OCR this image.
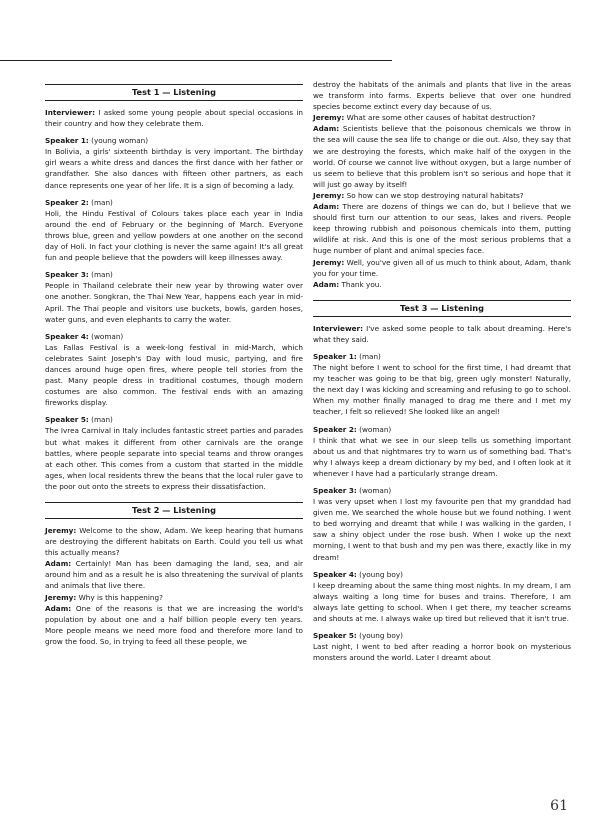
Test 1 — Listening

Interviewer: I asked some young people about special occasions in their country and how they celebrate them.

Speaker 1: (young woman)
In Bolivia, a girls' sixteenth birthday is very important. The birthday girl wears a white dress and dances the first dance with her father or grandfather. She also dances with fifteen other partners, as each dance represents one year of her life. It is a sign of becoming a lady.

Speaker 2: (man)
Holi, the Hindu Festival of Colours takes place each year in India around the end of February or the beginning of March. Everyone throws blue, green and yellow powders at one another on the second day of Holi. In fact your clothing is never the same again! It's all great fun and people believe that the powders will keep illnesses away.

Speaker 3: (man)
People in Thailand celebrate their new year by throwing water over one another. Songkran, the Thai New Year, happens each year in mid-April. The Thai people and visitors use buckets, bowls, garden hoses, water guns, and even elephants to carry the water.

Speaker 4: (woman)
Las Fallas Festival is a week-long festival in mid-March, which celebrates Saint Joseph's Day with loud music, partying, and fire dances around huge open fires, where people tell stories from the past. Many people dress in traditional costumes, though modern costumes are also common. The festival ends with an amazing fireworks display.

Speaker 5: (man)
The Ivrea Carnival in Italy includes fantastic street parties and parades but what makes it different from other carnivals are the orange battles, where people separate into special teams and throw oranges at each other. This comes from a custom that started in the middle ages, when local residents threw the beans that the local ruler gave to the poor out onto the streets to express their dissatisfaction.

Test 2 — Listening

Jeremy: Welcome to the show, Adam. We keep hearing that humans are destroying the different habitats on Earth. Could you tell us what this actually means?

Adam: Certainly! Man has been damaging the land, sea, and air around him and as a result he is also threatening the survival of plants and animals that live there.

Jeremy: Why is this happening?

Adam: One of the reasons is that we are increasing the world's population by about one and a half billion people every ten years. More people means we need more food and therefore more land to grow the food. So, in trying to feed all these people, we

destroy the habitats of the animals and plants that live in the areas we transform into farms. Experts believe that over one hundred species become extinct every day because of us.

Jeremy: What are some other causes of habitat destruction?

Adam: Scientists believe that the poisonous chemicals we throw in the sea will cause the sea life to change or die out. Also, they say that we are destroying the forests, which make half of the oxygen in the world. Of course we cannot live without oxygen, but a large number of us seem to believe that this problem isn't so serious and hope that it will just go away by itself!

Jeremy: So how can we stop destroying natural habitats?

Adam: There are dozens of things we can do, but I believe that we should first turn our attention to our seas, lakes and rivers. People keep throwing rubbish and poisonous chemicals into them, putting wildlife at risk. And this is one of the most serious problems that a huge number of plant and animal species face.

Jeremy: Well, you've given all of us much to think about, Adam, thank you for your time.

Adam: Thank you.

Test 3 — Listening

Interviewer: I've asked some people to talk about dreaming. Here's what they said.

Speaker 1: (man)
The night before I went to school for the first time, I had dreamt that my teacher was going to be that big, green ugly monster! Naturally, the next day I was kicking and screaming and refusing to go to school. When my mother finally managed to drag me there and I met my teacher, I felt so relieved! She looked like an angel!

Speaker 2: (woman)
I think that what we see in our sleep tells us something important about us and that nightmares try to warn us of something bad. That's why I always keep a dream dictionary by my bed, and I often look at it whenever I have had a particularly strange dream.

Speaker 3: (woman)
I was very upset when I lost my favourite pen that my granddad had given me. We searched the whole house but we found nothing. I went to bed worrying and dreamt that while I was walking in the garden, I saw a shiny object under the rose bush. When I woke up the next morning, I went to that bush and my pen was there, exactly like in my dream!

Speaker 4: (young boy)
I keep dreaming about the same thing most nights. In my dream, I am always waiting a long time for buses and trains. Therefore, I am always late getting to school. When I get there, my teacher screams and shouts at me. I always wake up tired but relieved that it isn't true.

Speaker 5: (young boy)
Last night, I went to bed after reading a horror book on mysterious monsters around the world. Later I dreamt about

61
